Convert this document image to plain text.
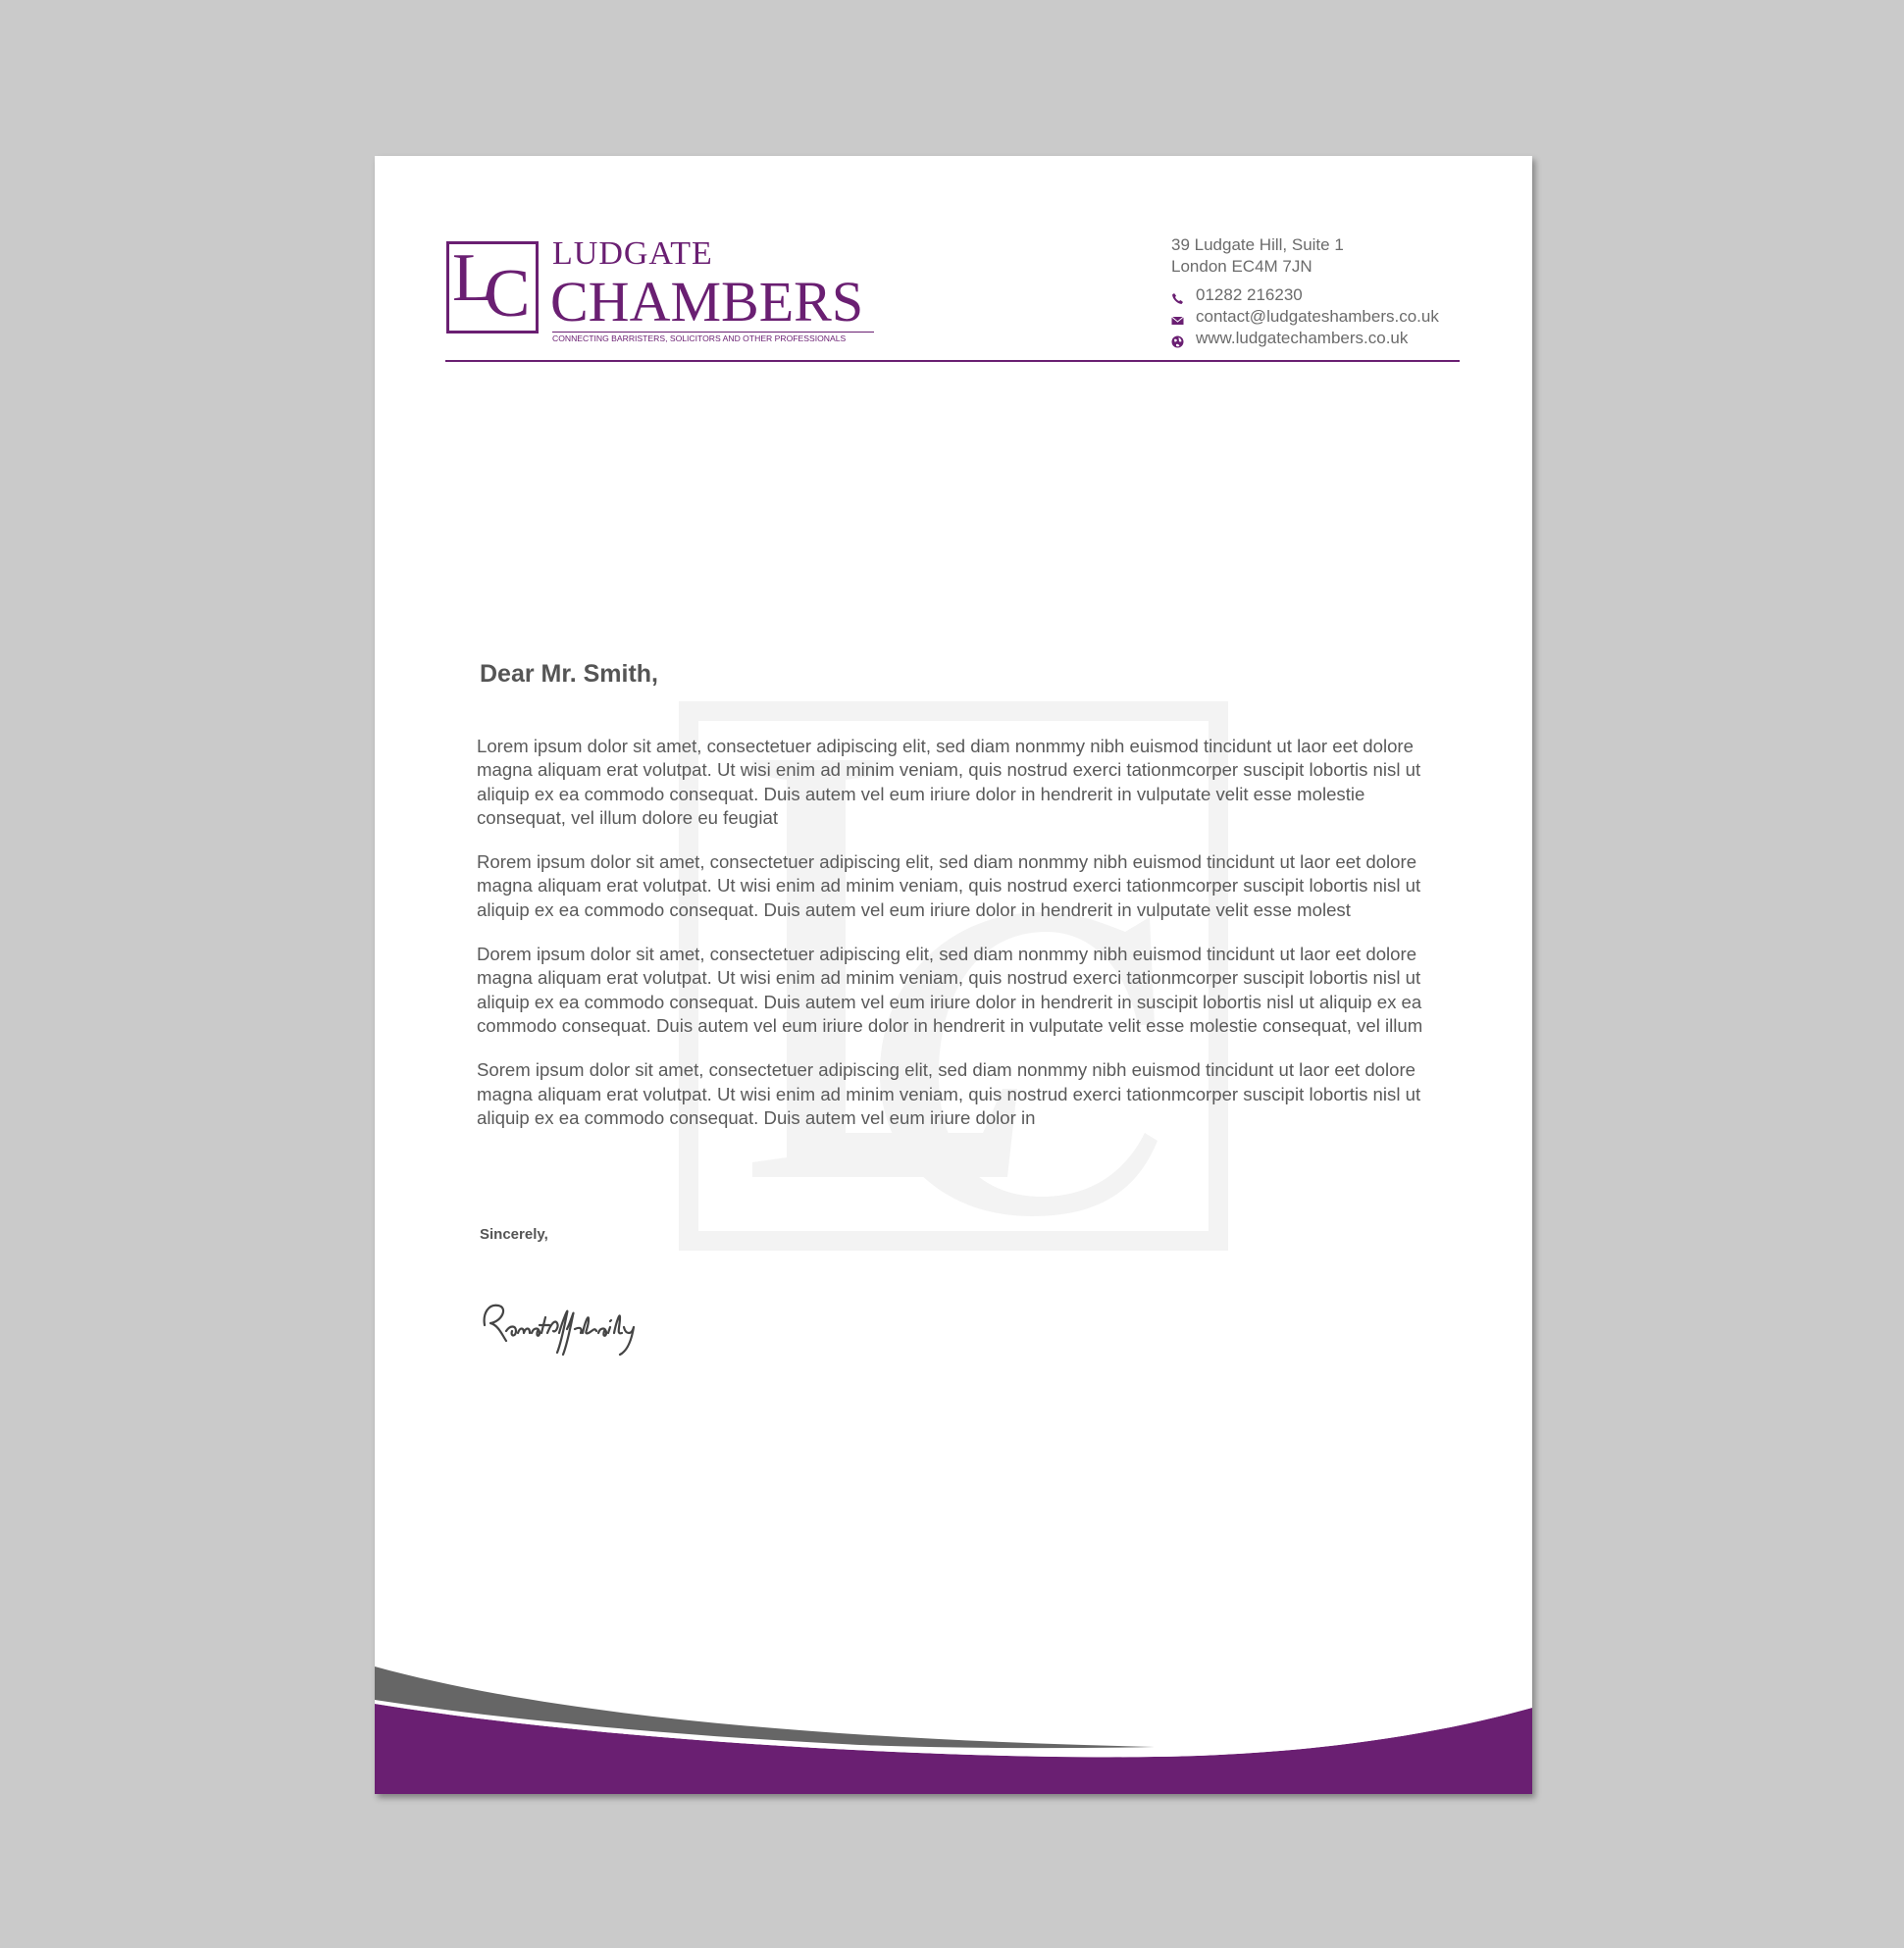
LC
LUDGATE
CHAMBERS
CONNECTING BARRISTERS, SOLICITORS AND OTHER PROFESSIONALS
39 Ludgate Hill, Suite 1
London EC4M 7JN
01282 216230
contact@ludgateshambers.co.uk
www.ludgatechambers.co.uk
Dear Mr. Smith,

Lorem ipsum dolor sit amet, consectetuer adipiscing elit, sed diam nonmmy nibh euismod tincidunt ut laor eet dolore magna aliquam erat volutpat. Ut wisi enim ad minim veniam, quis nostrud exerci tationmcorper suscipit lobortis nisl ut aliquip ex ea commodo consequat. Duis autem vel eum iriure dolor in hendrerit in vulputate velit esse molestie consequat, vel illum dolore eu feugiat

Rorem ipsum dolor sit amet, consectetuer adipiscing elit, sed diam nonmmy nibh euismod tincidunt ut laor eet dolore magna aliquam erat volutpat. Ut wisi enim ad minim veniam, quis nostrud exerci tationmcorper suscipit lobortis nisl ut aliquip ex ea commodo consequat. Duis autem vel eum iriure dolor in hendrerit in vulputate velit esse molest

Dorem ipsum dolor sit amet, consectetuer adipiscing elit, sed diam nonmmy nibh euismod tincidunt ut laor eet dolore magna aliquam erat volutpat. Ut wisi enim ad minim veniam, quis nostrud exerci tationmcorper suscipit lobortis nisl ut aliquip ex ea commodo consequat. Duis autem vel eum iriure dolor in hendrerit in suscipit lobortis nisl ut aliquip ex ea commodo consequat. Duis autem vel eum iriure dolor in hendrerit in vulputate velit esse molestie consequat, vel illum

Sorem ipsum dolor sit amet, consectetuer adipiscing elit, sed diam nonmmy nibh euismod tincidunt ut laor eet dolore magna aliquam erat volutpat. Ut wisi enim ad minim veniam, quis nostrud exerci tationmcorper suscipit lobortis nisl ut aliquip ex ea commodo consequat. Duis autem vel eum iriure dolor in

Sincerely,
